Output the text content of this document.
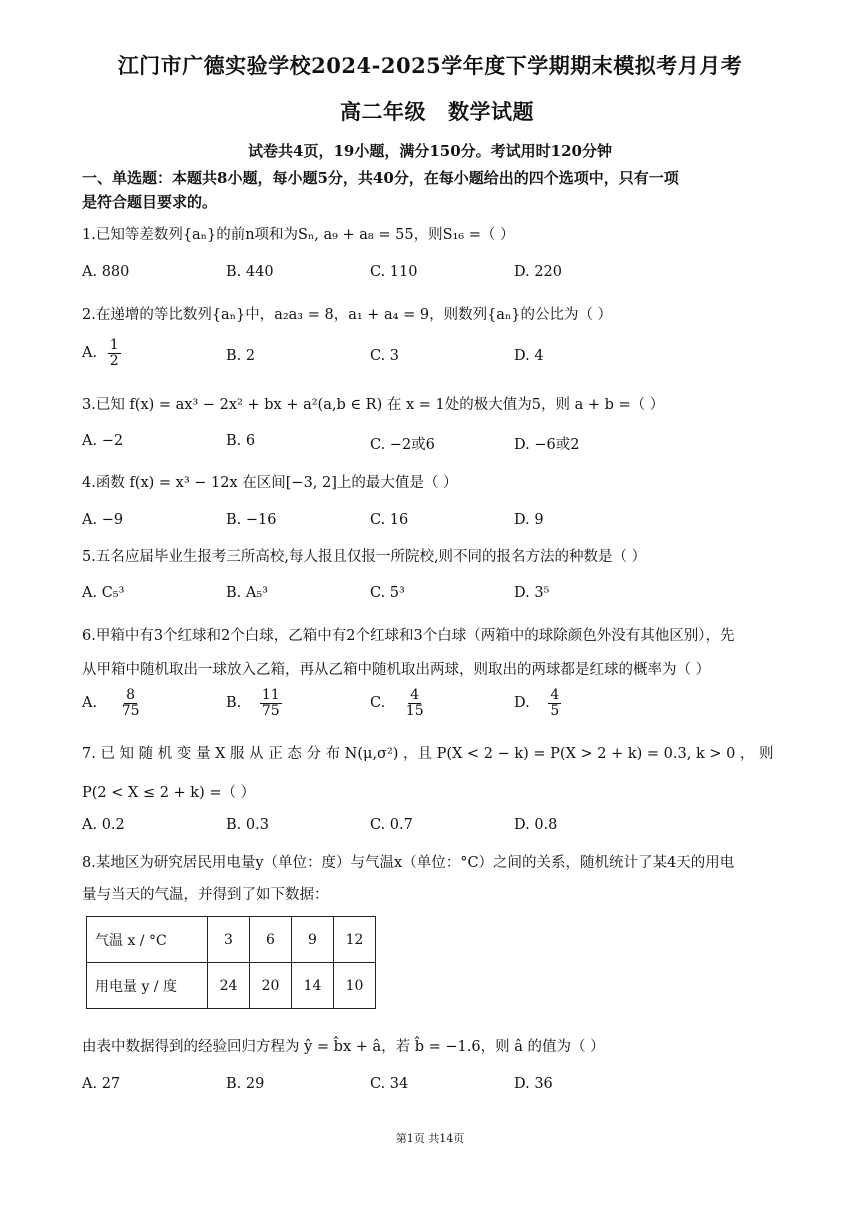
江门市广德实验学校2024-2025学年度下学期期末模拟考月月考
高二年级 数学试题
试卷共4页，19小题，满分150分。考试用时120分钟
一、单选题：本题共8小题，每小题5分，共40分，在每小题给出的四个选项中，只有一项
是符合题目要求的。
1.已知等差数列{aₙ}的前n项和为Sₙ, a₉ + a₈ = 55，则S₁₆ =（ ）
A. 880	B. 440	C. 110	D. 220
2.在递增的等比数列{aₙ}中，a₂a₃ = 8，a₁ + a₄ = 9，则数列{aₙ}的公比为（ ）
A. $\frac{1}{2}$	B. 2	C. 3	D. 4
3.已知 f(x) = ax³ − 2x² + bx + a²(a,b ∈ R) 在 x = 1处的极大值为5，则 a + b =（ ）
A. −2	B. 6	C. −2或6	D. −6或2
4.函数 f(x) = x³ − 12x 在区间[−3, 2]上的最大值是（ ）
A. −9	B. −16	C. 16	D. 9
5.五名应届毕业生报考三所高校,每人报且仅报一所院校,则不同的报名方法的种数是（ ）
A. C₅³	B. A₅³	C. 5³	D. 3⁵
6.甲箱中有3个红球和2个白球，乙箱中有2个红球和3个白球（两箱中的球除颜色外没有其他区别），先
从甲箱中随机取出一球放入乙箱，再从乙箱中随机取出两球，则取出的两球都是红球的概率为（ ）
A. $\frac{8}{75}$	B. $\frac{11}{75}$	C. $\frac{4}{15}$	D. $\frac{4}{5}$
7. 已 知 随 机 变 量 X 服 从 正 态 分 布 N(μ,σ²) ，且 P(X < 2 − k) = P(X > 2 + k) = 0.3, k > 0 ， 则
P(2 < X ≤ 2 + k) =（ ）
A. 0.2	B. 0.3	C. 0.7	D. 0.8
8.某地区为研究居民用电量y（单位：度）与气温x（单位：°C）之间的关系，随机统计了某4天的用电
量与当天的气温，并得到了如下数据：
气温 x / °C	3	6	9	12
用电量 y / 度	24	20	14	10
由表中数据得到的经验回归方程为 ŷ = b̂x + â，若 b̂ = −1.6，则 â 的值为（ ）
A. 27	B. 29	C. 34	D. 36
第1页 共14页
